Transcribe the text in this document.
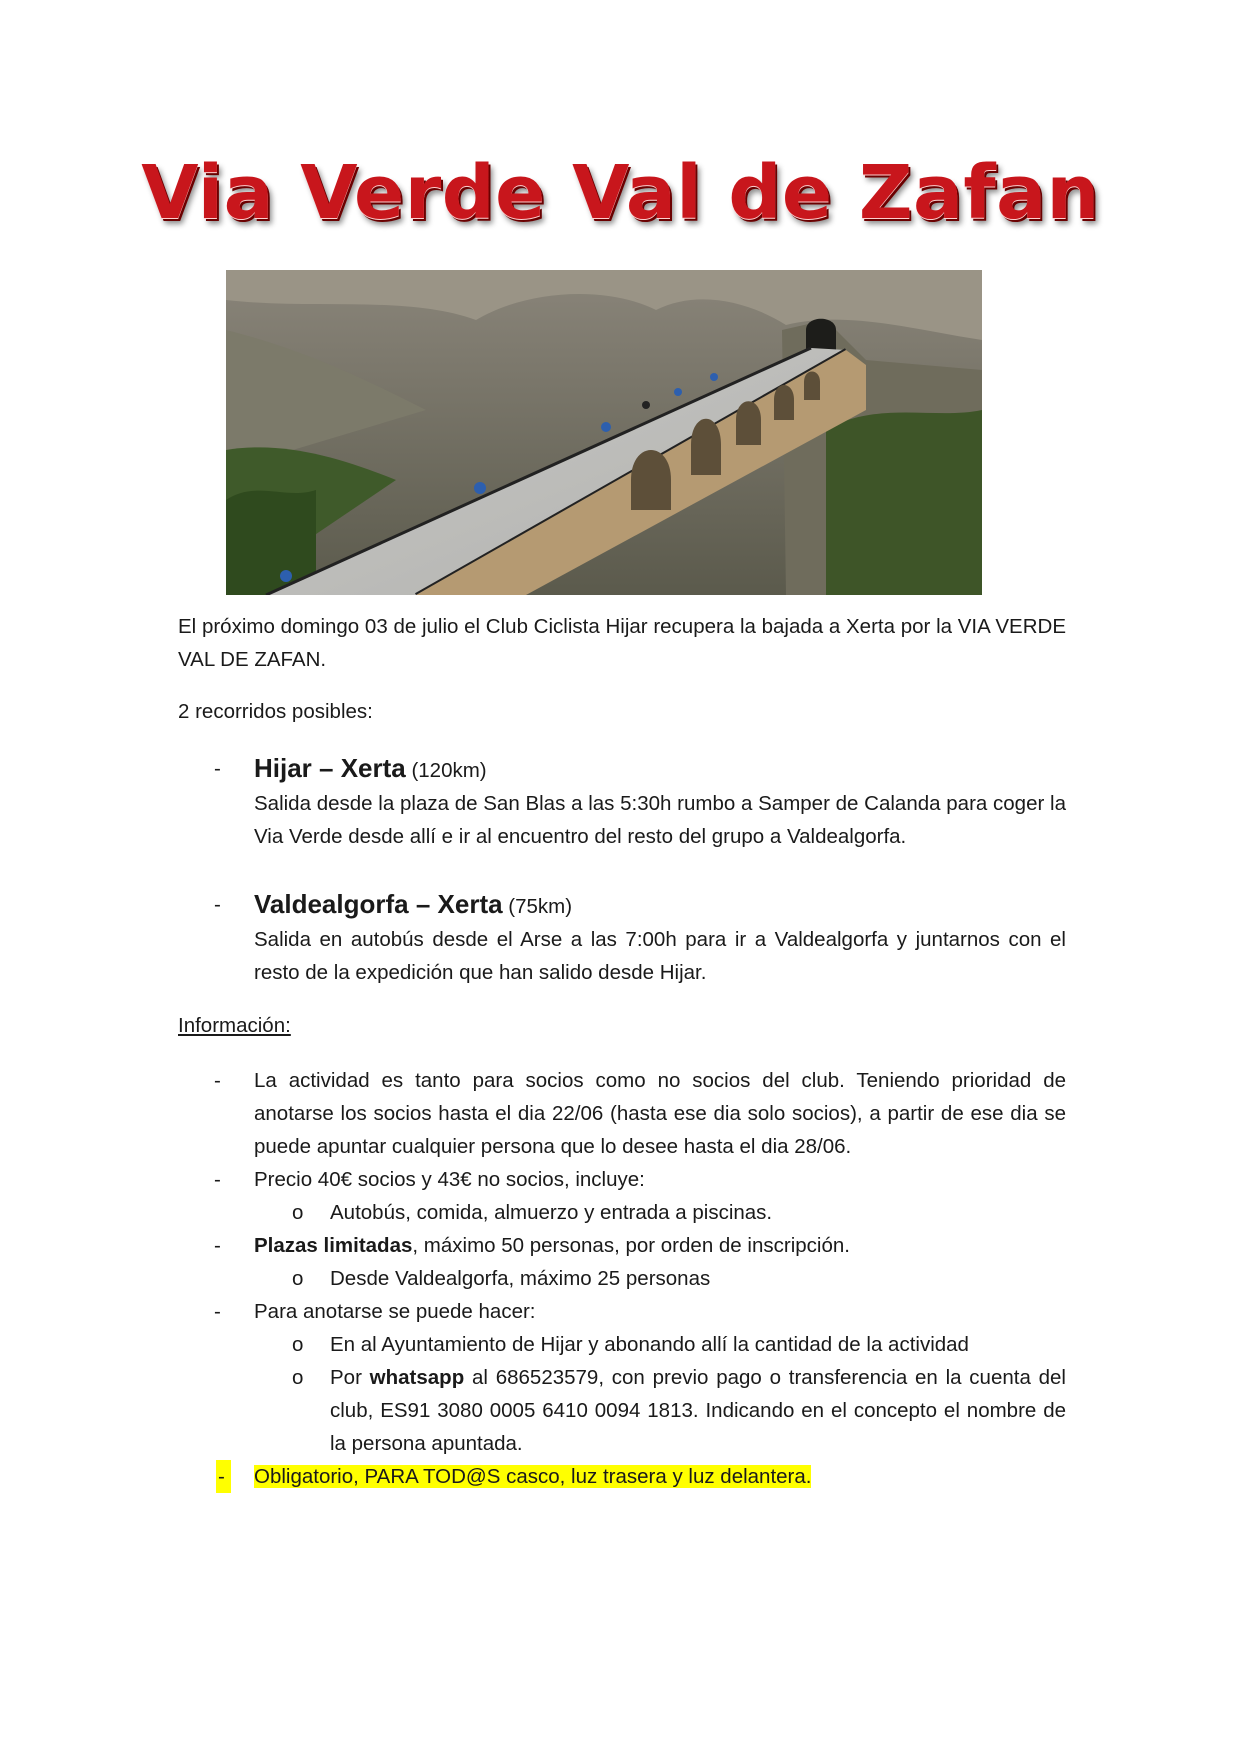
Via Verde Val de Zafan
El próximo domingo 03 de julio el Club Ciclista Hijar recupera la bajada a Xerta por la VIA VERDE VAL DE ZAFAN.
2 recorridos posibles:
- Hijar – Xerta (120km)
Salida desde la plaza de San Blas a las 5:30h rumbo a Samper de Calanda para coger la Via Verde desde allí e ir al encuentro del resto del grupo a Valdealgorfa.
- Valdealgorfa – Xerta (75km)
Salida en autobús desde el Arse a las 7:00h para ir a Valdealgorfa y juntarnos con el resto de la expedición que han salido desde Hijar.
Información:
- La actividad es tanto para socios como no socios del club. Teniendo prioridad de anotarse los socios hasta el dia 22/06 (hasta ese dia solo socios), a partir de ese dia se puede apuntar cualquier persona que lo desee hasta el dia 28/06.
- Precio 40€ socios y 43€ no socios, incluye:
o Autobús, comida, almuerzo y entrada a piscinas.
- Plazas limitadas, máximo 50 personas, por orden de inscripción.
o Desde Valdealgorfa, máximo 25 personas
- Para anotarse se puede hacer:
o En al Ayuntamiento de Hijar y abonando allí la cantidad de la actividad
o Por whatsapp al 686523579, con previo pago o transferencia en la cuenta del club, ES91 3080 0005 6410 0094 1813. Indicando en el concepto el nombre de la persona apuntada.
- Obligatorio, PARA TOD@S casco, luz trasera y luz delantera.
